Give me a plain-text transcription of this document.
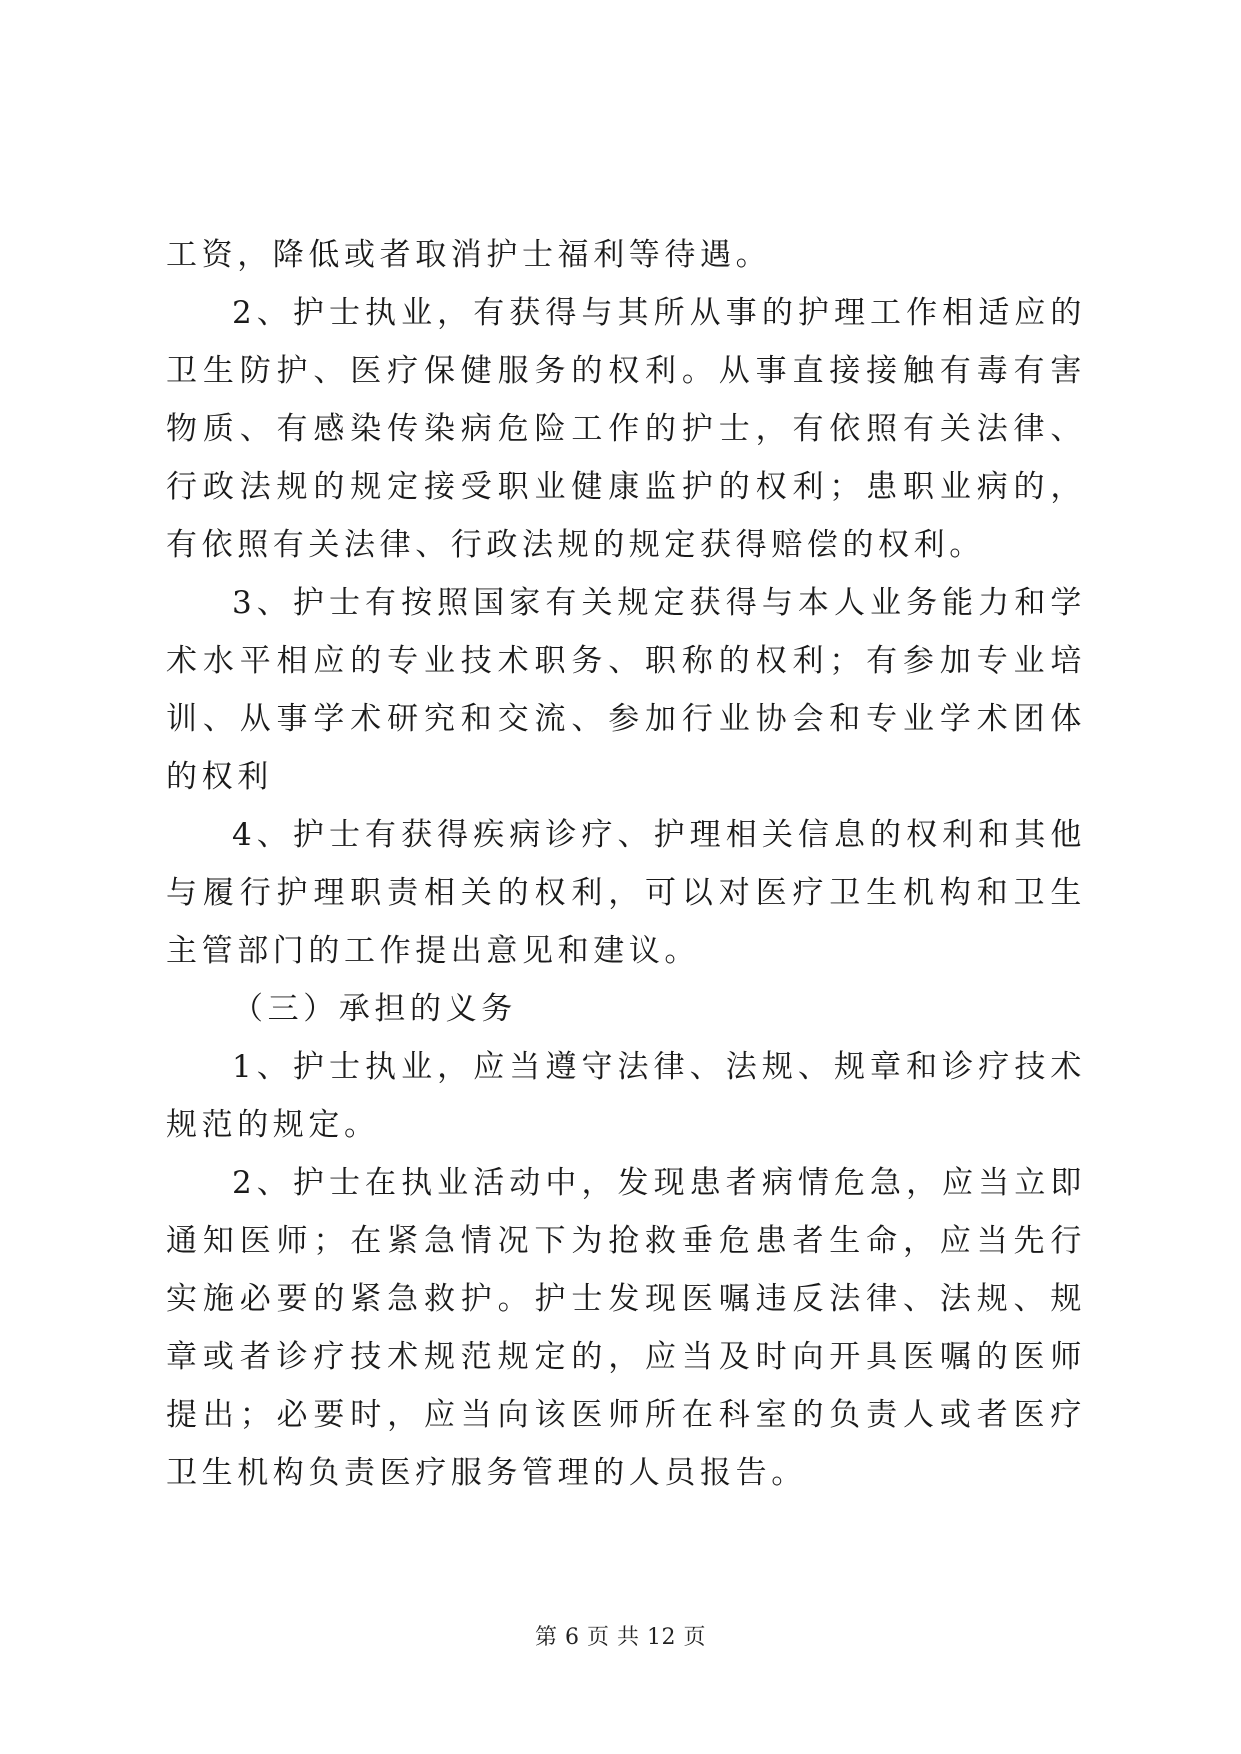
工资，降低或者取消护士福利等待遇。

2、护士执业，有获得与其所从事的护理工作相适应的卫生防护、医疗保健服务的权利。从事直接接触有毒有害物质、有感染传染病危险工作的护士，有依照有关法律、行政法规的规定接受职业健康监护的权利；患职业病的，有依照有关法律、行政法规的规定获得赔偿的权利。

3、护士有按照国家有关规定获得与本人业务能力和学术水平相应的专业技术职务、职称的权利；有参加专业培训、从事学术研究和交流、参加行业协会和专业学术团体的权利

4、护士有获得疾病诊疗、护理相关信息的权利和其他与履行护理职责相关的权利，可以对医疗卫生机构和卫生主管部门的工作提出意见和建议。

（三）承担的义务

1、护士执业，应当遵守法律、法规、规章和诊疗技术规范的规定。

2、护士在执业活动中，发现患者病情危急，应当立即通知医师；在紧急情况下为抢救垂危患者生命，应当先行实施必要的紧急救护。护士发现医嘱违反法律、法规、规章或者诊疗技术规范规定的，应当及时向开具医嘱的医师提出；必要时，应当向该医师所在科室的负责人或者医疗卫生机构负责医疗服务管理的人员报告。

第 6 页 共 12 页
